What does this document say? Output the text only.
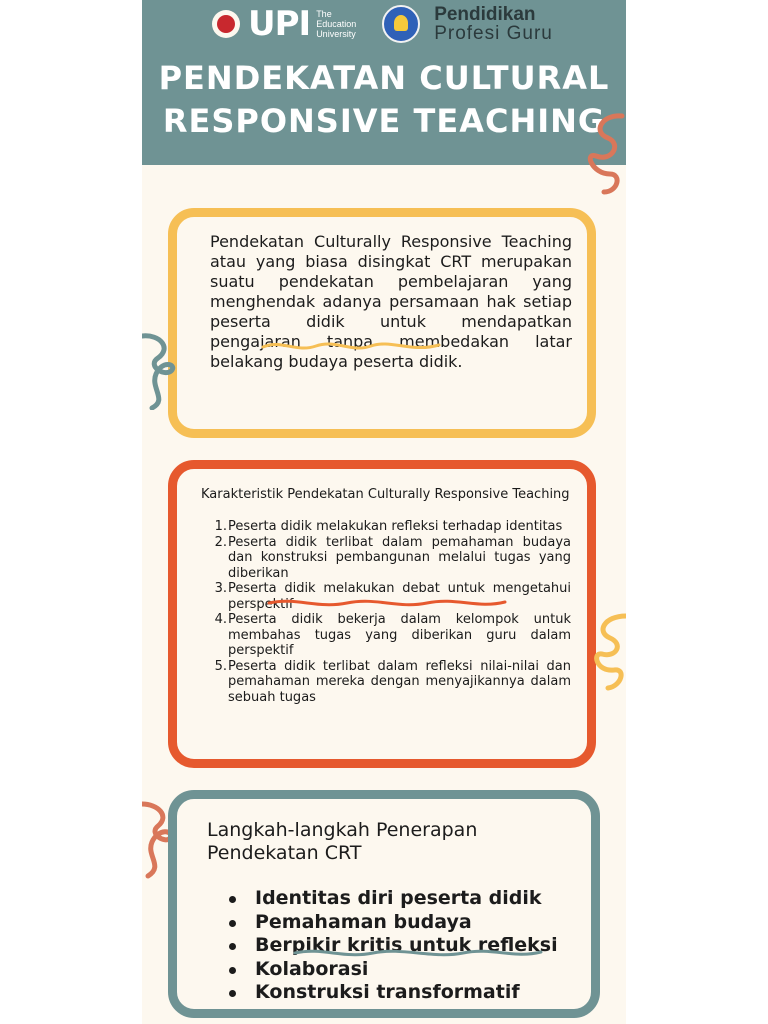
UPI The
Education
University
Pendidikan
Profesi Guru
PENDEKATAN CULTURAL
RESPONSIVE TEACHING

Pendekatan Culturally Responsive Teaching atau yang biasa disingkat CRT merupakan suatu pendekatan pembelajaran yang menghendak adanya persamaan hak setiap peserta didik untuk mendapatkan pengajaran tanpa membedakan latar belakang budaya peserta didik.

Karakteristik Pendekatan Culturally Responsive Teaching

1. Peserta didik melakukan refleksi terhadap identitas
2. Peserta didik terlibat dalam pemahaman budaya dan konstruksi pembangunan melalui tugas yang diberikan
3. Peserta didik melakukan debat untuk mengetahui perspektif
4. Peserta didik bekerja dalam kelompok untuk membahas tugas yang diberikan guru dalam perspektif
5. Peserta didik terlibat dalam refleksi nilai-nilai dan pemahaman mereka dengan menyajikannya dalam sebuah tugas
Langkah-langkah Penerapan
Pendekatan CRT
Identitas diri peserta didik
Pemahaman budaya
Berpikir kritis untuk refleksi
Kolaborasi
Konstruksi transformatif
